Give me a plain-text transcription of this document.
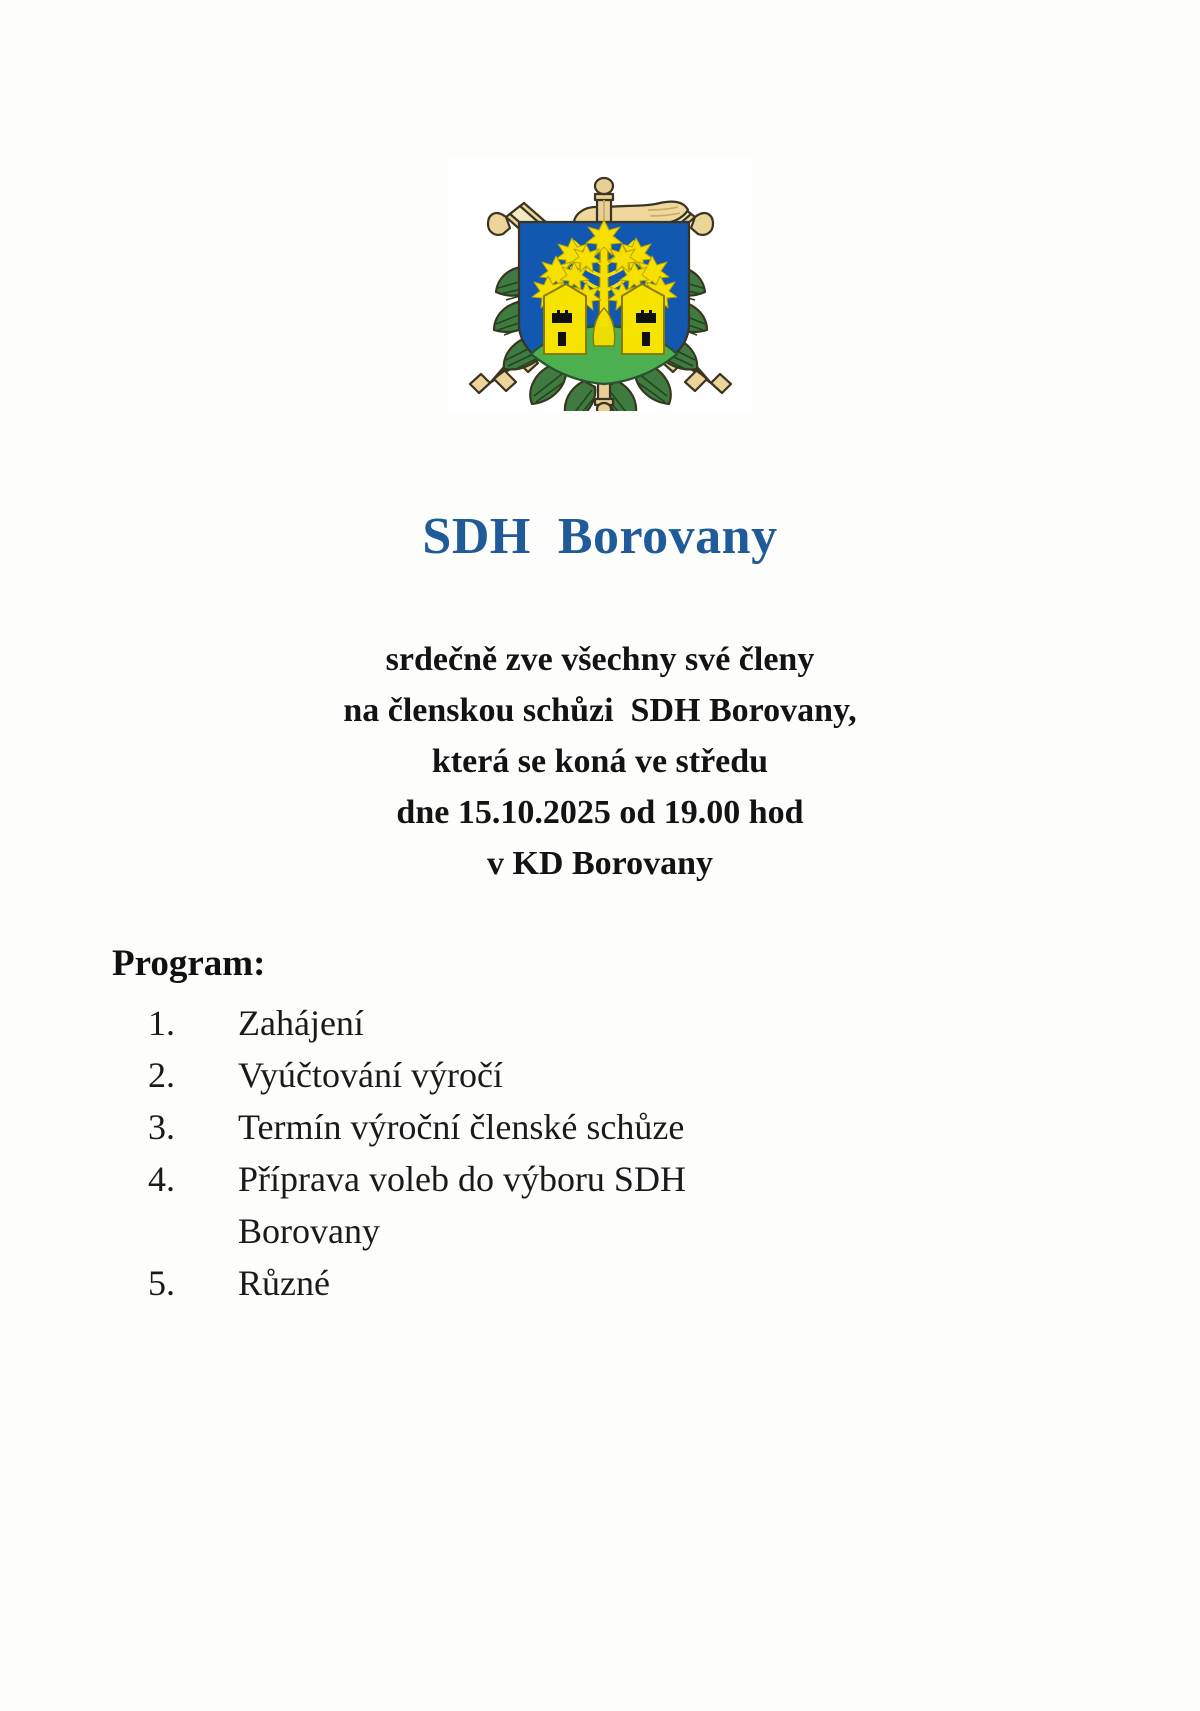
SDH  Borovany
srdečně zve všechny své členy
na členskou schůzi  SDH Borovany,
která se koná ve středu
dne 15.10.2025 od 19.00 hod
v KD Borovany
Program:
1.	Zahájení
2.	Vyúčtování výročí
3.	Termín výroční členské schůze
4.	Příprava voleb do výboru SDH
Borovany
5.	Různé
